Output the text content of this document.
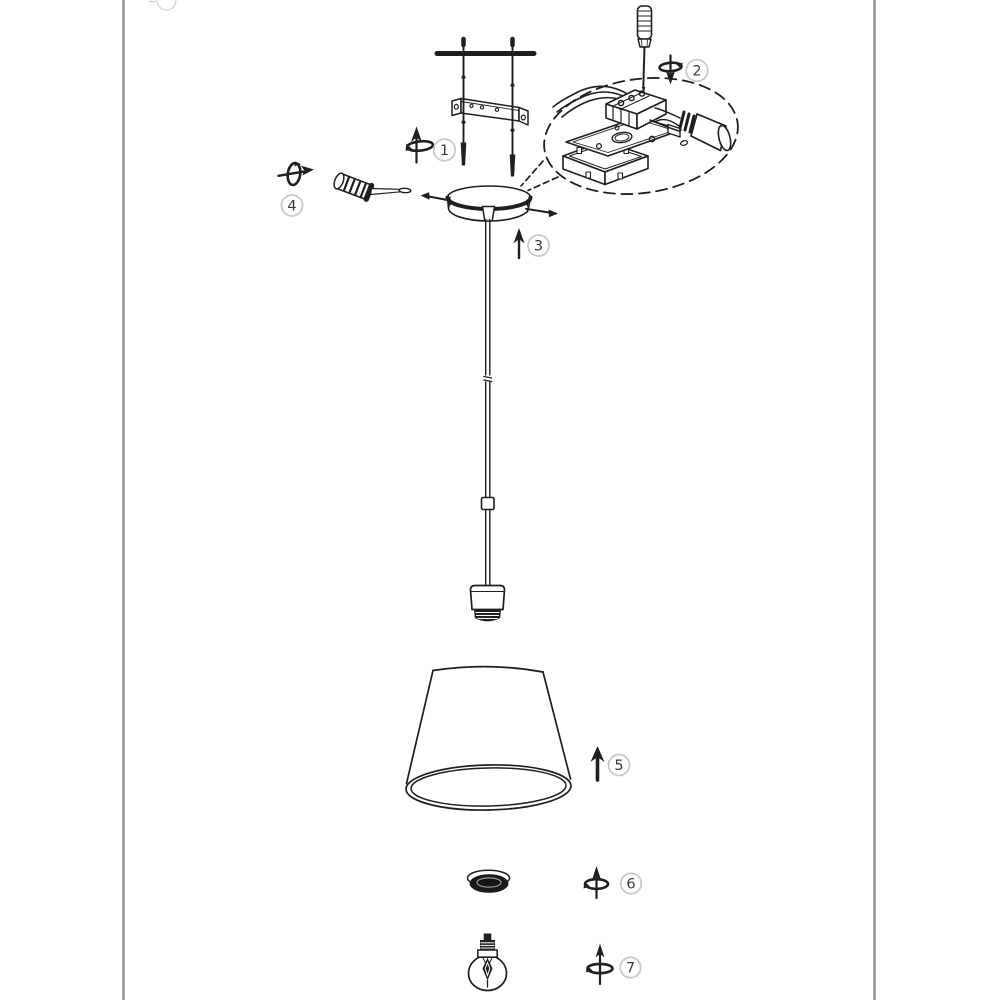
1
2
4
3
5
6
7
